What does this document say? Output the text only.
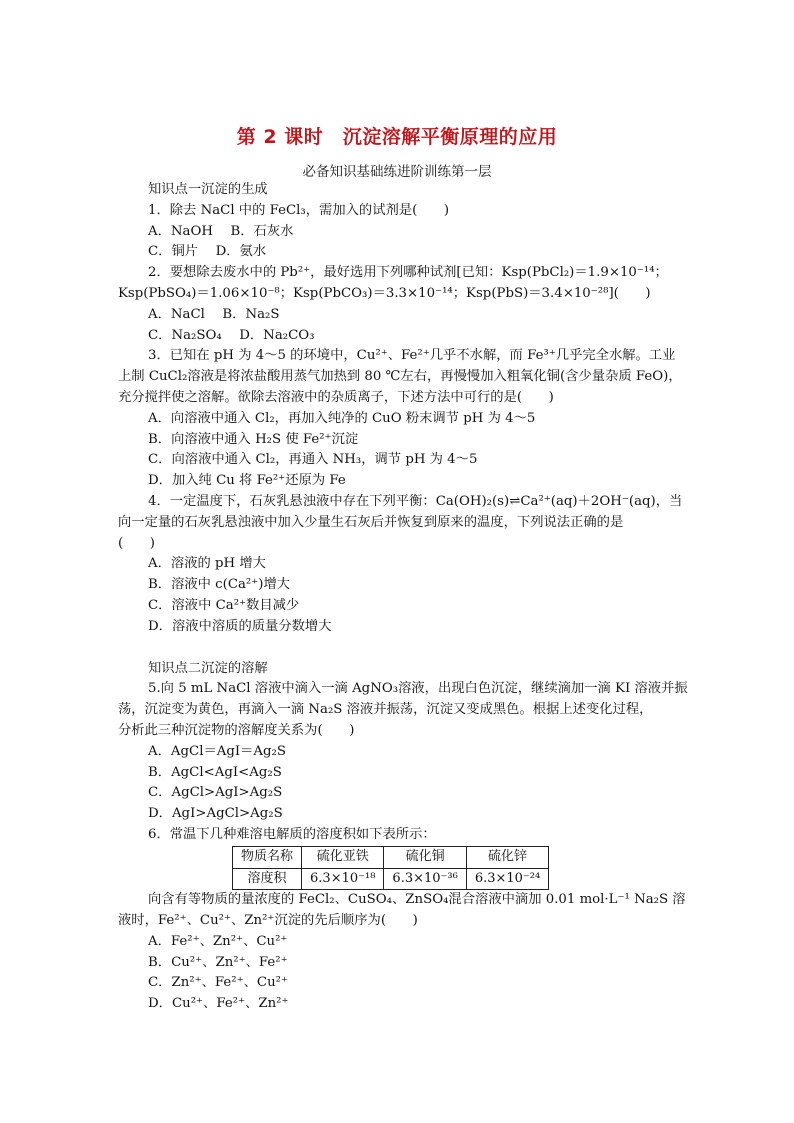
第 2 课时　沉淀溶解平衡原理的应用
必备知识基础练进阶训练第一层
知识点一沉淀的生成
1．除去 NaCl 中的 FeCl₃，需加入的试剂是(　　)
A．NaOH　 B．石灰水
C．铜片　 D．氨水
2．要想除去废水中的 Pb²⁺，最好选用下列哪种试剂[已知：Ksp(PbCl₂)＝1.9×10⁻¹⁴；
Ksp(PbSO₄)＝1.06×10⁻⁸；Ksp(PbCO₃)＝3.3×10⁻¹⁴；Ksp(PbS)＝3.4×10⁻²⁸](　　)
A．NaCl　 B．Na₂S
C．Na₂SO₄　 D．Na₂CO₃
3．已知在 pH 为 4～5 的环境中，Cu²⁺、Fe²⁺几乎不水解，而 Fe³⁺几乎完全水解。工业
上制 CuCl₂溶液是将浓盐酸用蒸气加热到 80 ℃左右，再慢慢加入粗氧化铜(含少量杂质 FeO)，
充分搅拌使之溶解。欲除去溶液中的杂质离子，下述方法中可行的是(　　)
A．向溶液中通入 Cl₂，再加入纯净的 CuO 粉末调节 pH 为 4～5
B．向溶液中通入 H₂S 使 Fe²⁺沉淀
C．向溶液中通入 Cl₂，再通入 NH₃，调节 pH 为 4～5
D．加入纯 Cu 将 Fe²⁺还原为 Fe
4．一定温度下，石灰乳悬浊液中存在下列平衡：Ca(OH)₂(s)⇌Ca²⁺(aq)＋2OH⁻(aq)，当
向一定量的石灰乳悬浊液中加入少量生石灰后并恢复到原来的温度，下列说法正确的是
(　　)
A．溶液的 pH 增大
B．溶液中 c(Ca²⁺)增大
C．溶液中 Ca²⁺数目减少
D．溶液中溶质的质量分数增大
知识点二沉淀的溶解
5.向 5 mL NaCl 溶液中滴入一滴 AgNO₃溶液，出现白色沉淀，继续滴加一滴 KI 溶液并振
荡，沉淀变为黄色，再滴入一滴 Na₂S 溶液并振荡，沉淀又变成黑色。根据上述变化过程，
分析此三种沉淀物的溶解度关系为(　　)
A．AgCl＝AgI＝Ag₂S
B．AgCl<AgI<Ag₂S
C．AgCl>AgI>Ag₂S
D．AgI>AgCl>Ag₂S
6．常温下几种难溶电解质的溶度积如下表所示：
物质名称	硫化亚铁	硫化铜	硫化锌
溶度积	6.3×10⁻¹⁸	6.3×10⁻³⁶	6.3×10⁻²⁴
向含有等物质的量浓度的 FeCl₂、CuSO₄、ZnSO₄混合溶液中滴加 0.01 mol·L⁻¹ Na₂S 溶
液时，Fe²⁺、Cu²⁺、Zn²⁺沉淀的先后顺序为(　　)
A．Fe²⁺、Zn²⁺、Cu²⁺
B．Cu²⁺、Zn²⁺、Fe²⁺
C．Zn²⁺、Fe²⁺、Cu²⁺
D．Cu²⁺、Fe²⁺、Zn²⁺
